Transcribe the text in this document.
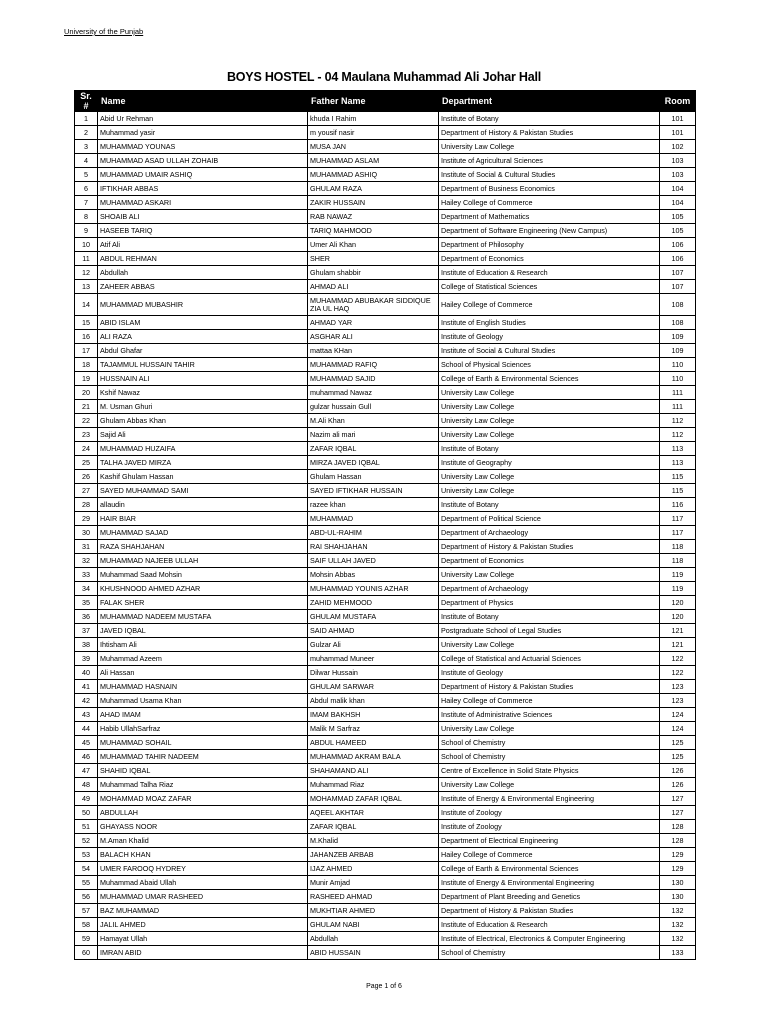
University of the Punjab
BOYS HOSTEL - 04 Maulana Muhammad Ali Johar Hall
Sr. #	Name	Father Name	Department	Room
1	Abid Ur Rehman	khuda I Rahim	Institute of Botany	101
2	Muhammad yasir	m yousif nasir	Department of History & Pakistan Studies	101
3	MUHAMMAD YOUNAS	MUSA JAN	University Law College	102
4	MUHAMMAD ASAD ULLAH ZOHAIB	MUHAMMAD ASLAM	Institute of Agricultural Sciences	103
5	MUHAMMAD UMAIR ASHIQ	MUHAMMAD ASHIQ	Institute of Social & Cultural Studies	103
6	IFTIKHAR ABBAS	GHULAM RAZA	Department of Business Economics	104
7	MUHAMMAD ASKARI	ZAKIR HUSSAIN	Hailey College of Commerce	104
8	SHOAIB ALI	RAB NAWAZ	Department of Mathematics	105
9	HASEEB TARIQ	TARIQ MAHMOOD	Department of Software Engineering (New Campus)	105
10	Atif Ali	Umer Ali Khan	Department of Philosophy	106
11	ABDUL REHMAN	SHER	Department of Economics	106
12	Abdullah	Ghulam shabbir	Institute of Education & Research	107
13	ZAHEER ABBAS	AHMAD ALI	College of Statistical Sciences	107
14	MUHAMMAD MUBASHIR	MUHAMMAD ABUBAKAR SIDDIQUE ZIA UL HAQ	Hailey College of Commerce	108
15	ABID ISLAM	AHMAD YAR	Institute of English Studies	108
16	ALI RAZA	ASGHAR ALI	Institute of Geology	109
17	Abdul Ghafar	mattaa KHan	Institute of Social & Cultural Studies	109
18	TAJAMMUL HUSSAIN TAHIR	MUHAMMAD RAFIQ	School of Physical Sciences	110
19	HUSSNAIN ALI	MUHAMMAD SAJID	College of Earth & Environmental Sciences	110
20	Kshif Nawaz	muhammad Nawaz	University Law College	111
21	M. Usman Ghuri	gulzar hussain Gull	University Law College	111
22	Ghulam Abbas Khan	M.Ali Khan	University Law College	112
23	Sajid Ali	Nazim ali mari	University Law College	112
24	MUHAMMAD HUZAIFA	ZAFAR IQBAL	Institute of Botany	113
25	TALHA JAVED MIRZA	MIRZA JAVED IQBAL	Institute of Geography	113
26	Kashif Ghulam Hassan	Ghulam Hassan	University Law College	115
27	SAYED MUHAMMAD SAMI	SAYED IFTIKHAR HUSSAIN	University Law College	115
28	allaudin	razee khan	Institute of Botany	116
29	HAIR BIAR	MUHAMMAD	Department of Political Science	117
30	MUHAMMAD SAJAD	ABD-UL-RAHIM	Department of Archaeology	117
31	RAZA SHAHJAHAN	RAI SHAHJAHAN	Department of History & Pakistan Studies	118
32	MUHAMMAD NAJEEB ULLAH	SAIF ULLAH JAVED	Department of Economics	118
33	Muhammad Saad Mohsin	Mohsin Abbas	University Law College	119
34	KHUSHNOOD AHMED AZHAR	MUHAMMAD YOUNIS AZHAR	Department of Archaeology	119
35	FALAK SHER	ZAHID MEHMOOD	Department of Physics	120
36	MUHAMMAD NADEEM MUSTAFA	GHULAM MUSTAFA	Institute of Botany	120
37	JAVED IQBAL	SAID AHMAD	Postgraduate School of Legal Studies	121
38	Ihtisham Ali	Gulzar Ali	University Law College	121
39	Muhammad Azeem	muhammad Muneer	College of Statistical and Actuarial Sciences	122
40	Ali Hassan	Dilwar Hussain	Institute of Geology	122
41	MUHAMMAD HASNAIN	GHULAM SARWAR	Department of History & Pakistan Studies	123
42	Muhammad Usama Khan	Abdul malik khan	Hailey College of Commerce	123
43	AHAD IMAM	IMAM BAKHSH	Institute of Administrative Sciences	124
44	Habib UllahSarfraz	Malik M Sarfraz	University Law College	124
45	MUHAMMAD SOHAIL	ABDUL HAMEED	School of Chemistry	125
46	MUHAMMAD TAHIR NADEEM	MUHAMMAD AKRAM BALA	School of Chemistry	125
47	SHAHID IQBAL	SHAHAMAND ALI	Centre of Excellence in Solid State Physics	126
48	Muhammad Talha Riaz	Muhammad Riaz	University Law College	126
49	MOHAMMAD MOAZ ZAFAR	MOHAMMAD ZAFAR IQBAL	Institute of Energy & Environmental Engineering	127
50	ABDULLAH	AQEEL AKHTAR	Institute of Zoology	127
51	GHAYASS NOOR	ZAFAR IQBAL	Institute of Zoology	128
52	M.Aman Khalid	M.Khalid	Department of Electrical Engineering	128
53	BALACH KHAN	JAHANZEB ARBAB	Hailey College of Commerce	129
54	UMER FAROOQ HYDREY	IJAZ AHMED	College of Earth & Environmental Sciences	129
55	Muhammad Abaid Ullah	Munir Amjad	Institute of Energy & Environmental Engineering	130
56	MUHAMMAD UMAR RASHEED	RASHEED AHMAD	Department of Plant Breeding and Genetics	130
57	BAZ MUHAMMAD	MUKHTIAR AHMED	Department of History & Pakistan Studies	132
58	JALIL AHMED	GHULAM NABI	Institute of Education & Research	132
59	Hamayat Ullah	Abdullah	Institute of Electrical, Electronics & Computer Engineering	132
60	IMRAN ABID	ABID HUSSAIN	School of Chemistry	133
Page 1 of 6
